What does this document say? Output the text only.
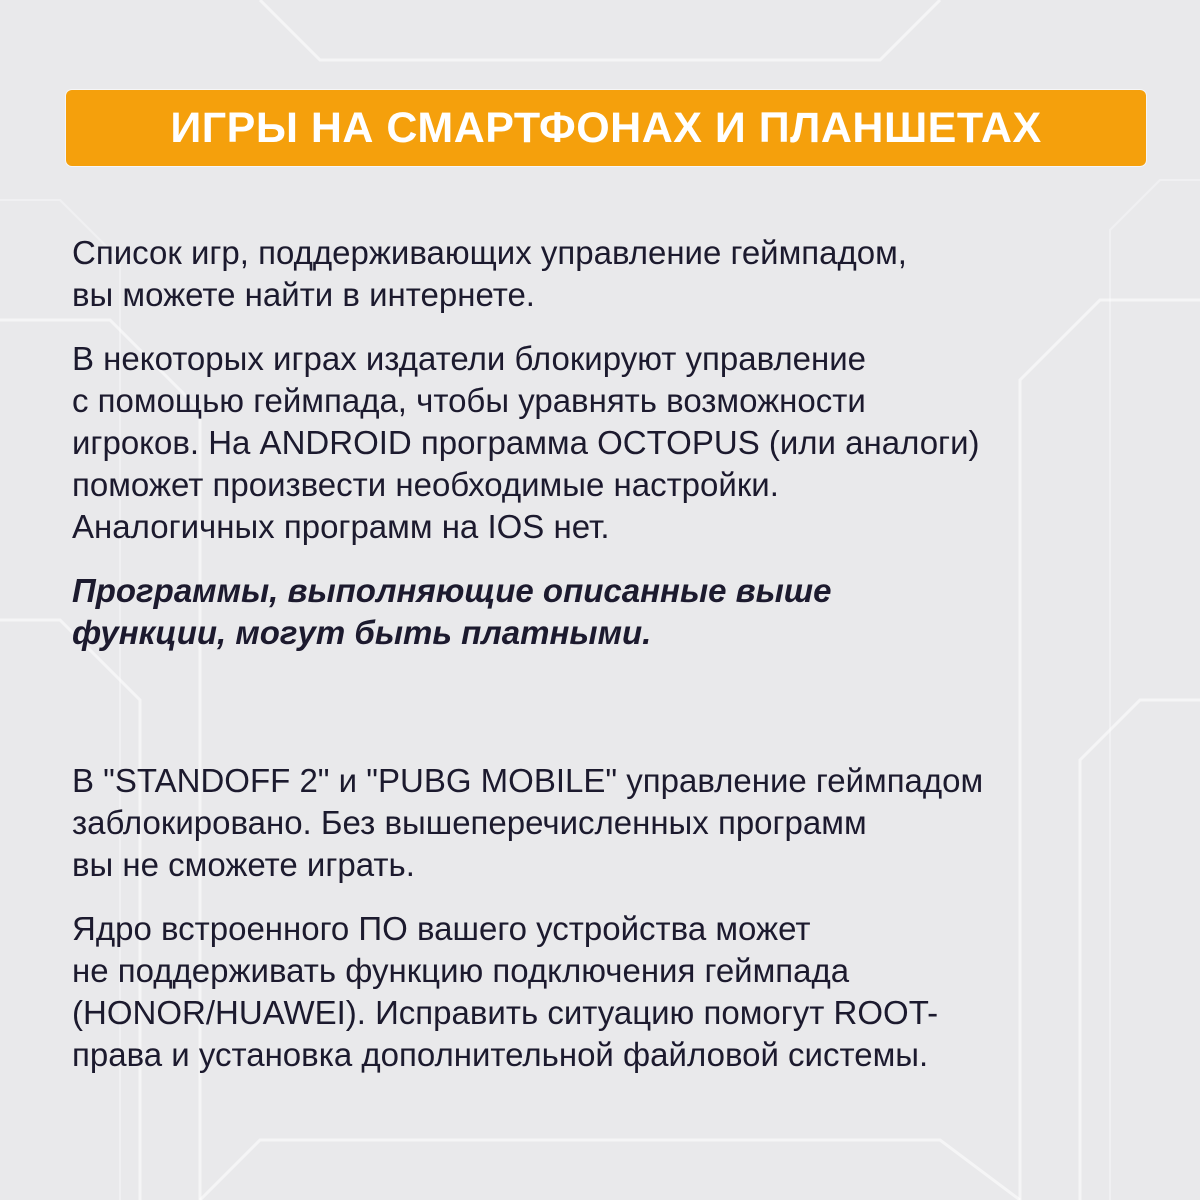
ИГРЫ НА СМАРТФОНАХ И ПЛАНШЕТАХ

Список игр, поддерживающих управление геймпадом,
вы можете найти в интернете.

В некоторых играх издатели блокируют управление
с помощью геймпада, чтобы уравнять возможности
игроков. На ANDROID программа OCTOPUS (или аналоги)
поможет произвести необходимые настройки.
Аналогичных программ на IOS нет.

Программы, выполняющие описанные выше
функции, могут быть платными.

В "STANDOFF 2" и "PUBG MOBILE" управление геймпадом
заблокировано. Без вышеперечисленных программ
вы не сможете играть.

Ядро встроенного ПО вашего устройства может
не поддерживать функцию подключения геймпада
(HONOR/HUAWEI). Исправить ситуацию помогут ROOT-
права и установка дополнительной файловой системы.
